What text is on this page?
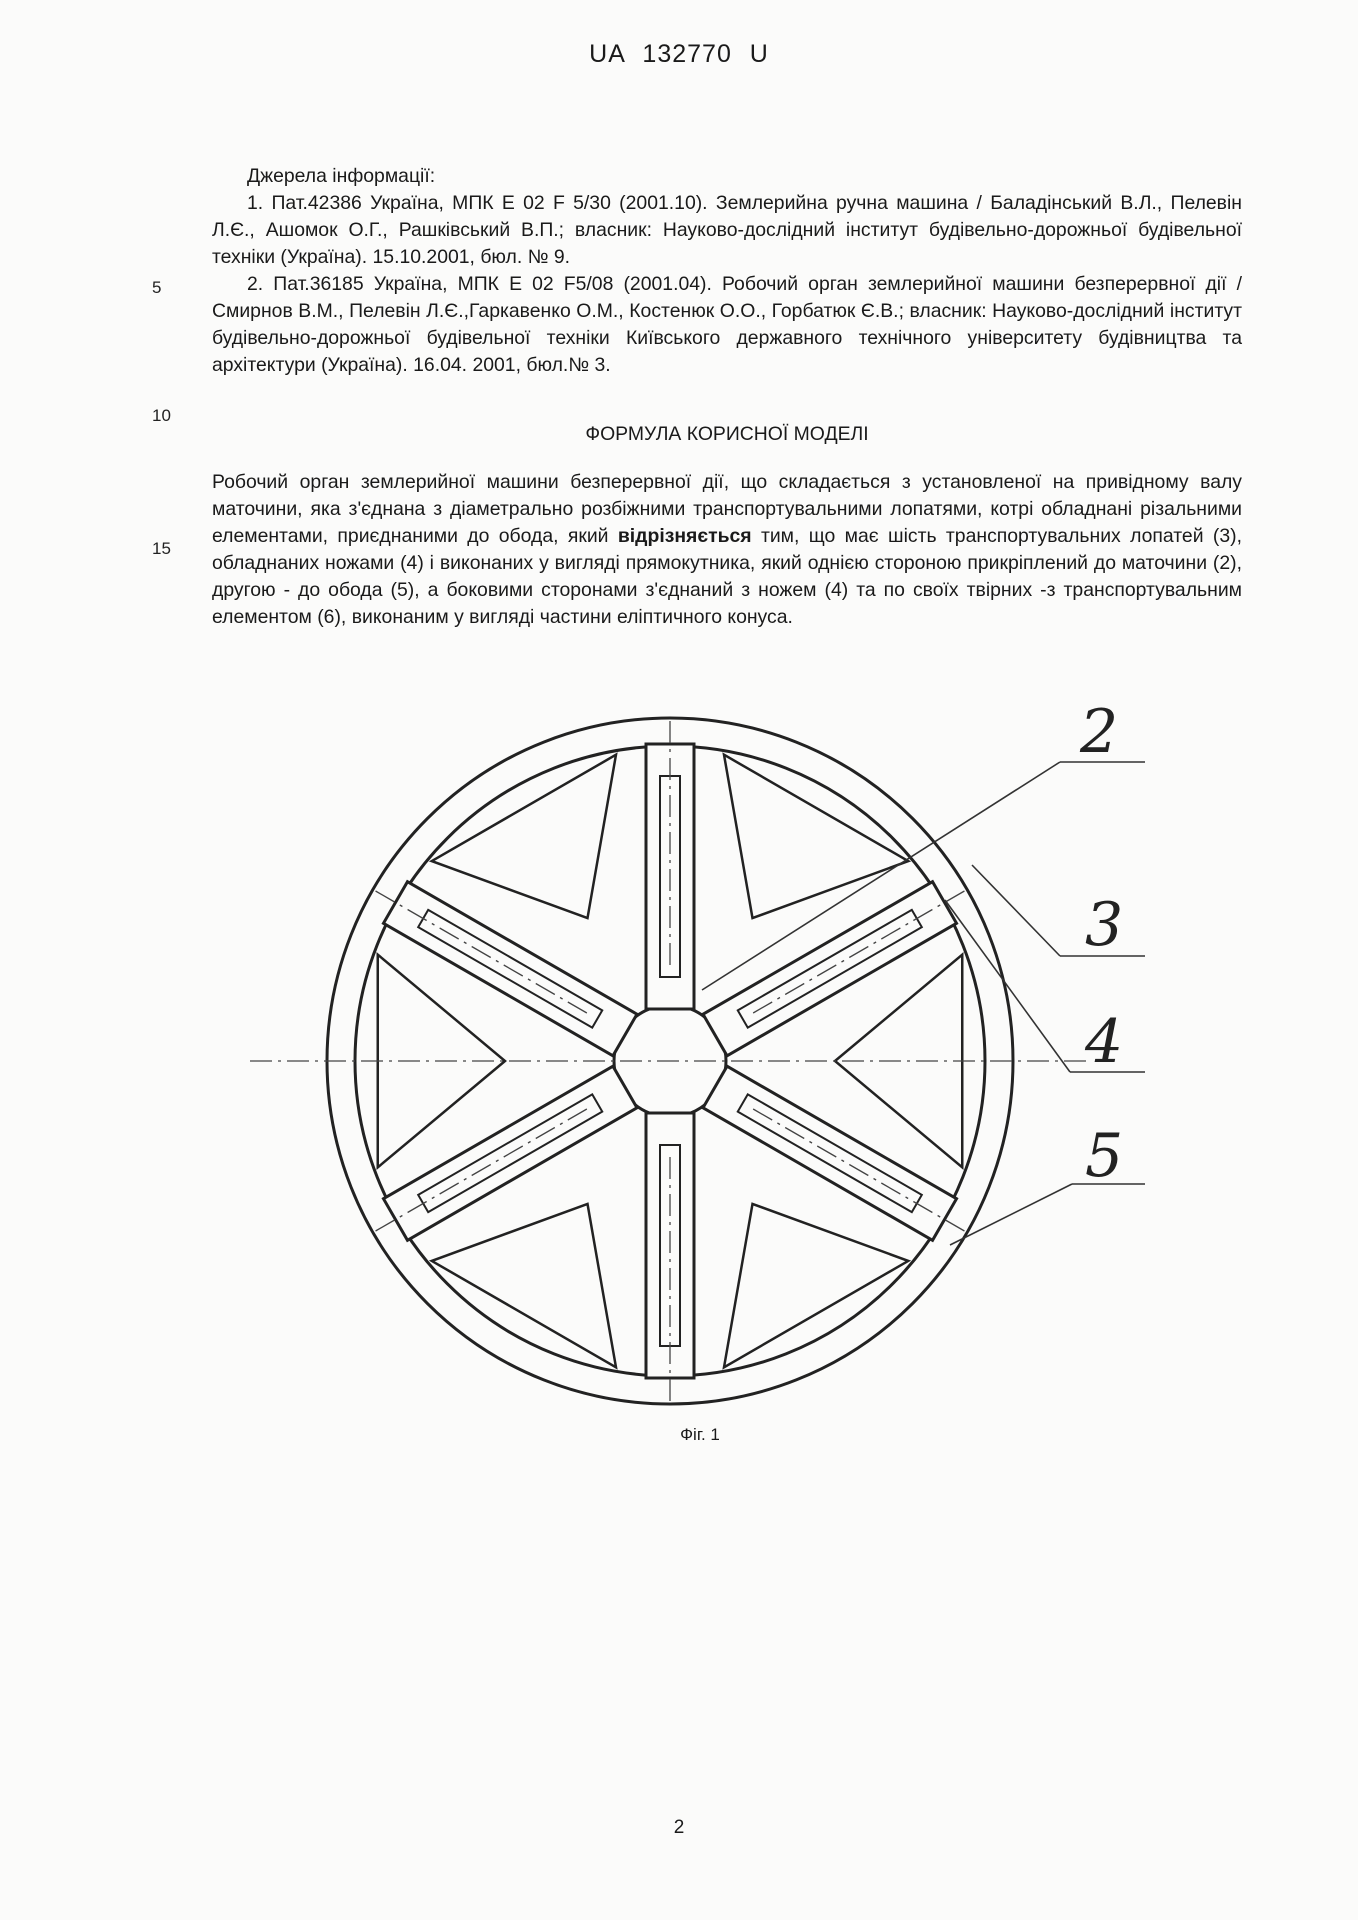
UA 132770 U
5
10
15
Джерела інформації:

1. Пат.42386 Україна, МПК E 02 F 5/30 (2001.10). Землерийна ручна машина / Баладінський В.Л., Пелевін Л.Є., Ашомок О.Г., Рашківський В.П.; власник: Науково-дослідний інститут будівельно-дорожньої будівельної техніки (Україна). 15.10.2001, бюл. № 9.

2. Пат.36185 Україна, МПК E 02 F5/08 (2001.04). Робочий орган землерийної машини безперервної дії / Смирнов В.М., Пелевін Л.Є.,Гаркавенко О.М., Костенюк О.О., Горбатюк Є.В.; власник: Науково-дослідний інститут будівельно-дорожньої будівельної техніки Київського державного технічного університету будівництва та архітектури (Україна). 16.04. 2001, бюл.№ 3.

ФОРМУЛА КОРИСНОЇ МОДЕЛІ

Робочий орган землерийної машини безперервної дії, що складається з установленої на привідному валу маточини, яка з'єднана з діаметрально розбіжними транспортувальними лопатями, котрі обладнані різальними елементами, приєднаними до обода, який відрізняється тим, що має шість транспортувальних лопатей (3), обладнаних ножами (4) і виконаних у вигляді прямокутника, який однією стороною прикріплений до маточини (2), другою - до обода (5), а боковими сторонами з'єднаний з ножем (4) та по своїх твірних -з транспортувальним елементом (6), виконаним у вигляді частини еліптичного конуса.

2
3
4
5
Фіг. 1
2
